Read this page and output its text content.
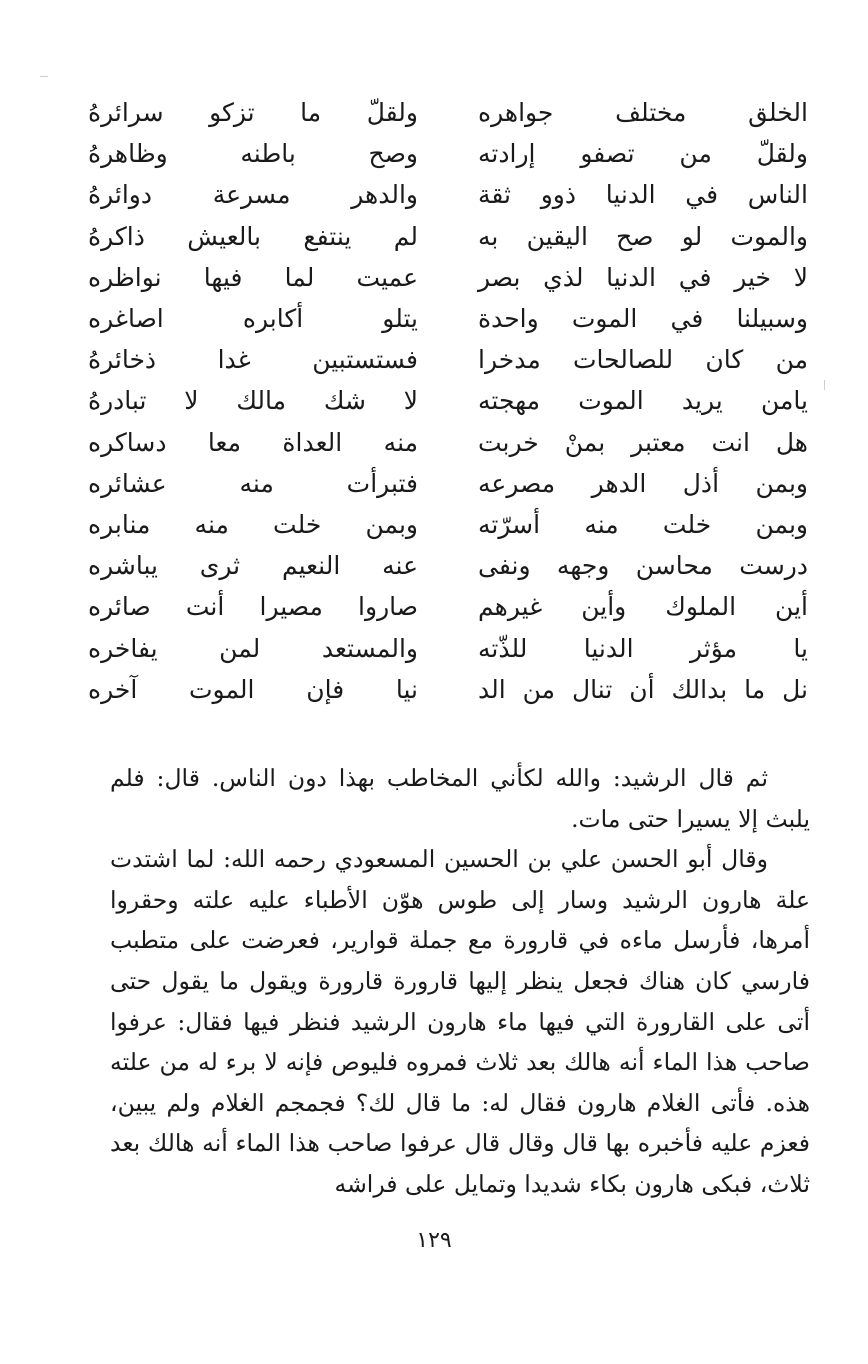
الخلق مختلف جواهره
ولقلّ ما تزكو سرائرهُ
ولقلّ من تصفو إرادته
وصح باطنه وظاهرهُ
الناس في الدنيا ذوو ثقة
والدهر مسرعة دوائرهُ
والموت لو صح اليقين به
لم ينتفع بالعيش ذاكرهُ
لا خير في الدنيا لذي بصر
عميت لما فيها نواظره
وسبيلنا في الموت واحدة
يتلو أكابره اصاغره
من كان للصالحات مدخرا
فستستبين غدا ذخائرهُ
يامن يريد الموت مهجته
لا شك مالك لا تبادرهُ
هل انت معتبر بمنْ خربت
منه العداة معا دساكره
وبمن أذل الدهر مصرعه
فتبرأت منه عشائره
وبمن خلت منه أسرّته
وبمن خلت منه منابره
درست محاسن وجهه ونفى
عنه النعيم ثرى يباشره
أين الملوك وأين غيرهم
صاروا مصيرا أنت صائره
يا مؤثر الدنيا للذّته
والمستعد لمن يفاخره
نل ما بدالك أن تنال من الد
نيا فإن الموت آخره

ثم قال الرشيد: والله لكأني المخاطب بهذا دون الناس. قال: فلم يلبث إلا يسيرا حتى مات.

وقال أبو الحسن علي بن الحسين المسعودي رحمه الله: لما اشتدت علة هارون الرشيد وسار إلى طوس هوّن الأطباء عليه علته وحقروا أمرها، فأرسل ماءه في قارورة مع جملة قوارير، فعرضت على متطبب فارسي كان هناك فجعل ينظر إليها قارورة قارورة ويقول ما يقول حتى أتى على القارورة التي فيها ماء هارون الرشيد فنظر فيها فقال: عرفوا صاحب هذا الماء أنه هالك بعد ثلاث فمروه فليوص فإنه لا برء له من علته هذه. فأتى الغلام هارون فقال له: ما قال لك؟ فجمجم الغلام ولم يبين، فعزم عليه فأخبره بها قال وقال قال عرفوا صاحب هذا الماء أنه هالك بعد ثلاث، فبكى هارون بكاء شديدا وتمايل على فراشه

١٢٩
